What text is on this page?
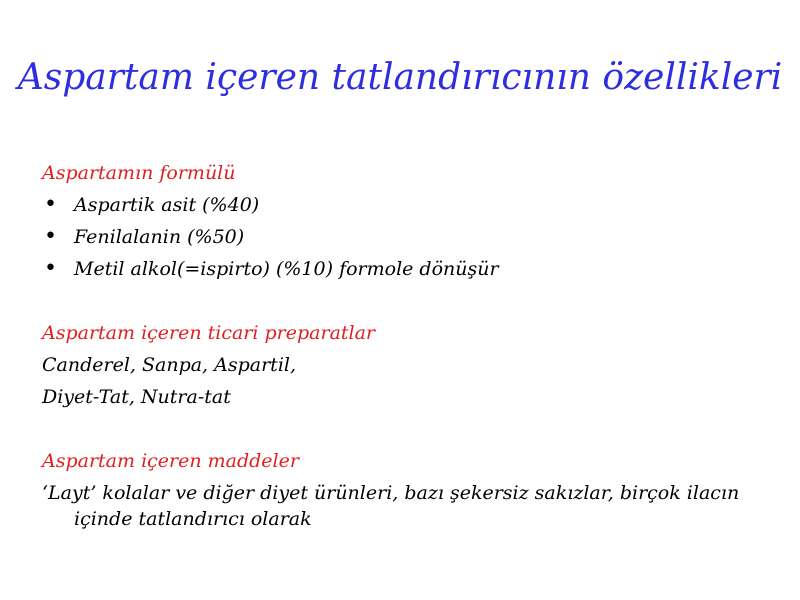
Aspartam içeren tatlandırıcının özellikleri

Aspartamın formülü

• Aspartik asit (%40)
• Fenilalanin (%50)
• Metil alkol(=ispirto) (%10) formole dönüşür

Aspartam içeren ticari preparatlar

Canderel, Sanpa, Aspartil,

Diyet-Tat, Nutra-tat

Aspartam içeren maddeler

‘Layt’ kolalar ve diğer diyet ürünleri, bazı şekersiz sakızlar, birçok ilacın içinde tatlandırıcı olarak
